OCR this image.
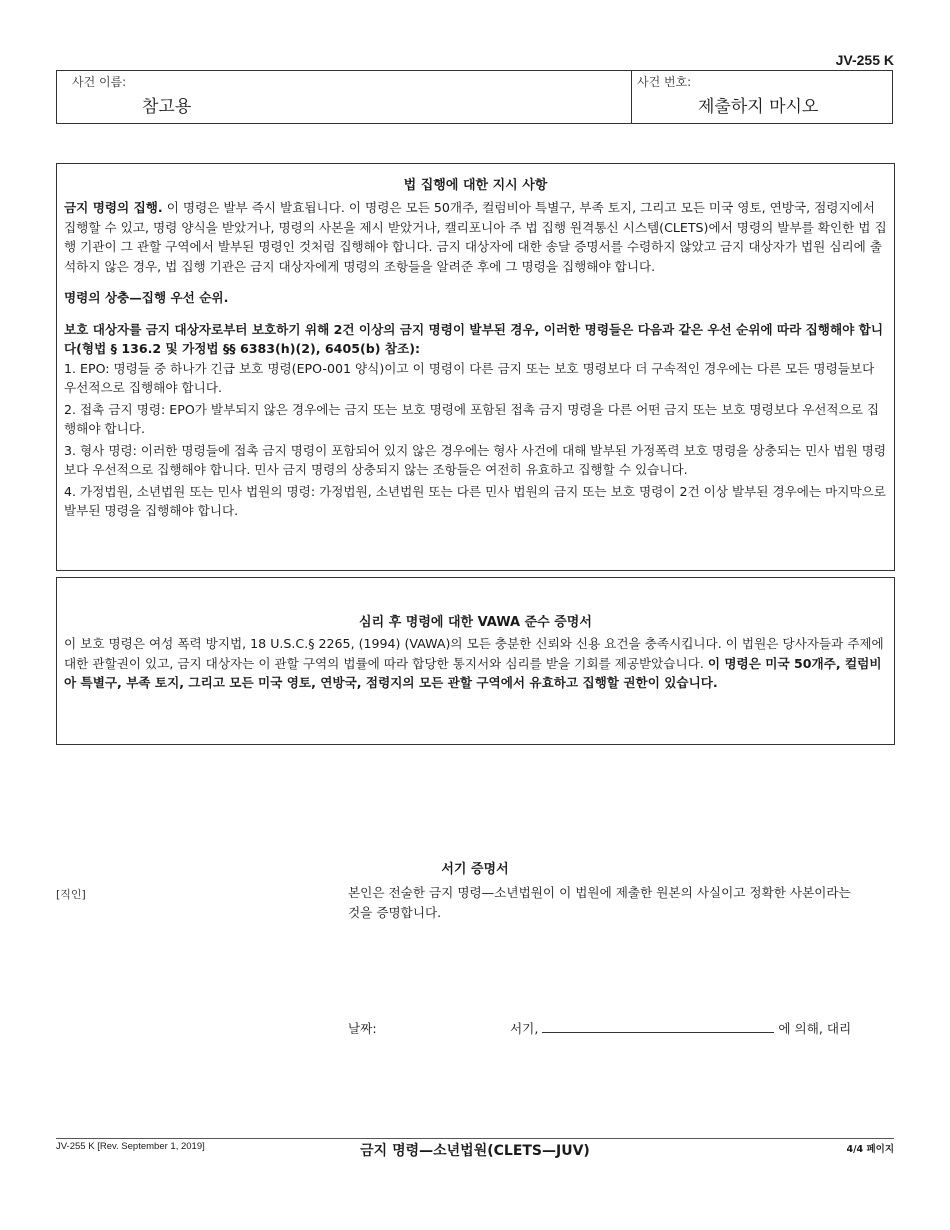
JV-255 K
사건 이름:
참고용
사건 번호:
제출하지 마시오
법 집행에 대한 지시 사항

금지 명령의 집행. 이 명령은 발부 즉시 발효됩니다. 이 명령은 모든 50개주, 컬럼비아 특별구, 부족 토지, 그리고 모든 미국 영토, 연방국, 점령지에서 집행할 수 있고, 명령 양식을 받았거나, 명령의 사본을 제시 받았거나, 캘리포니아 주 법 집행 원격통신 시스템(CLETS)에서 명령의 발부를 확인한 법 집행 기관이 그 관할 구역에서 발부된 명령인 것처럼 집행해야 합니다. 금지 대상자에 대한 송달 증명서를 수령하지 않았고 금지 대상자가 법원 심리에 출석하지 않은 경우, 법 집행 기관은 금지 대상자에게 명령의 조항들을 알려준 후에 그 명령을 집행해야 합니다.

명령의 상충—집행 우선 순위.

보호 대상자를 금지 대상자로부터 보호하기 위해 2건 이상의 금지 명령이 발부된 경우, 이러한 명령들은 다음과 같은 우선 순위에 따라 집행해야 합니다(형법 § 136.2 및 가정법 §§ 6383(h)(2), 6405(b) 참조):

1. EPO: 명령들 중 하나가 긴급 보호 명령(EPO-001 양식)이고 이 명령이 다른 금지 또는 보호 명령보다 더 구속적인 경우에는 다른 모든 명령들보다 우선적으로 집행해야 합니다.

2. 접촉 금지 명령: EPO가 발부되지 않은 경우에는 금지 또는 보호 명령에 포함된 접촉 금지 명령을 다른 어떤 금지 또는 보호 명령보다 우선적으로 집행해야 합니다.

3. 형사 명령: 이러한 명령들에 접촉 금지 명령이 포함되어 있지 않은 경우에는 형사 사건에 대해 발부된 가정폭력 보호 명령을 상충되는 민사 법원 명령보다 우선적으로 집행해야 합니다. 민사 금지 명령의 상충되지 않는 조항들은 여전히 유효하고 집행할 수 있습니다.

4. 가정법원, 소년법원 또는 민사 법원의 명령: 가정법원, 소년법원 또는 다른 민사 법원의 금지 또는 보호 명령이 2건 이상 발부된 경우에는 마지막으로 발부된 명령을 집행해야 합니다.

심리 후 명령에 대한 VAWA 준수 증명서

이 보호 명령은 여성 폭력 방지법, 18 U.S.C.§ 2265, (1994) (VAWA)의 모든 충분한 신뢰와 신용 요건을 충족시킵니다. 이 법원은 당사자들과 주제에 대한 관할권이 있고, 금지 대상자는 이 관할 구역의 법률에 따라 합당한 통지서와 심리를 받을 기회를 제공받았습니다. 이 명령은 미국 50개주, 컬럼비아 특별구, 부족 토지, 그리고 모든 미국 영토, 연방국, 점령지의 모든 관할 구역에서 유효하고 집행할 권한이 있습니다.

서기 증명서
[직인]	본인은 전술한 금지 명령—소년법원이 이 법원에 제출한 원본의 사실이고 정확한 사본이라는 것을 증명합니다.

날짜:	서기,	에 의해, 대리
JV-255 K [Rev. September 1, 2019]	금지 명령—소년법원(CLETS—JUV)	4/4 페이지
